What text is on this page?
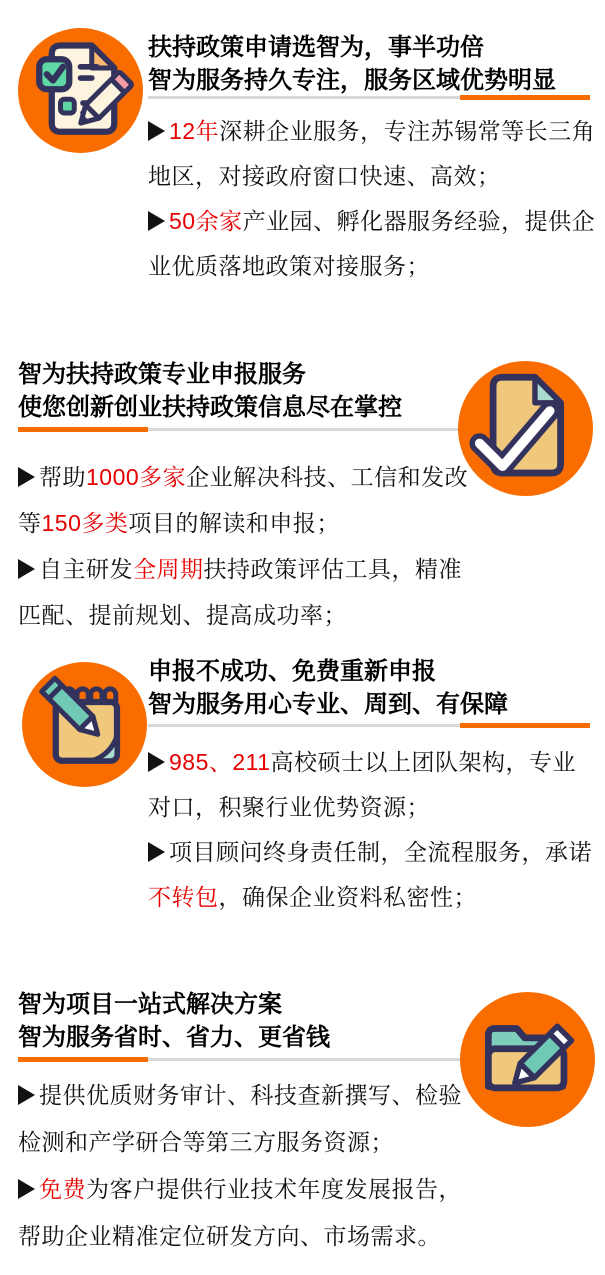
扶持政策申请选智为，事半功倍
智为服务持久专注，服务区域优势明显
12年深耕企业服务，专注苏锡常等长三角
地区，对接政府窗口快速、高效；
50余家产业园、孵化器服务经验，提供企
业优质落地政策对接服务；
智为扶持政策专业申报服务
使您创新创业扶持政策信息尽在掌控
帮助1000多家企业解决科技、工信和发改
等150多类项目的解读和申报；
自主研发全周期扶持政策评估工具，精准
匹配、提前规划、提高成功率；
申报不成功、免费重新申报
智为服务用心专业、周到、有保障
985、211高校硕士以上团队架构，专业
对口，积聚行业优势资源；
项目顾问终身责任制，全流程服务，承诺
不转包，确保企业资料私密性；
智为项目一站式解决方案
智为服务省时、省力、更省钱
提供优质财务审计、科技查新撰写、检验
检测和产学研合等第三方服务资源；
免费为客户提供行业技术年度发展报告，
帮助企业精准定位研发方向、市场需求。
